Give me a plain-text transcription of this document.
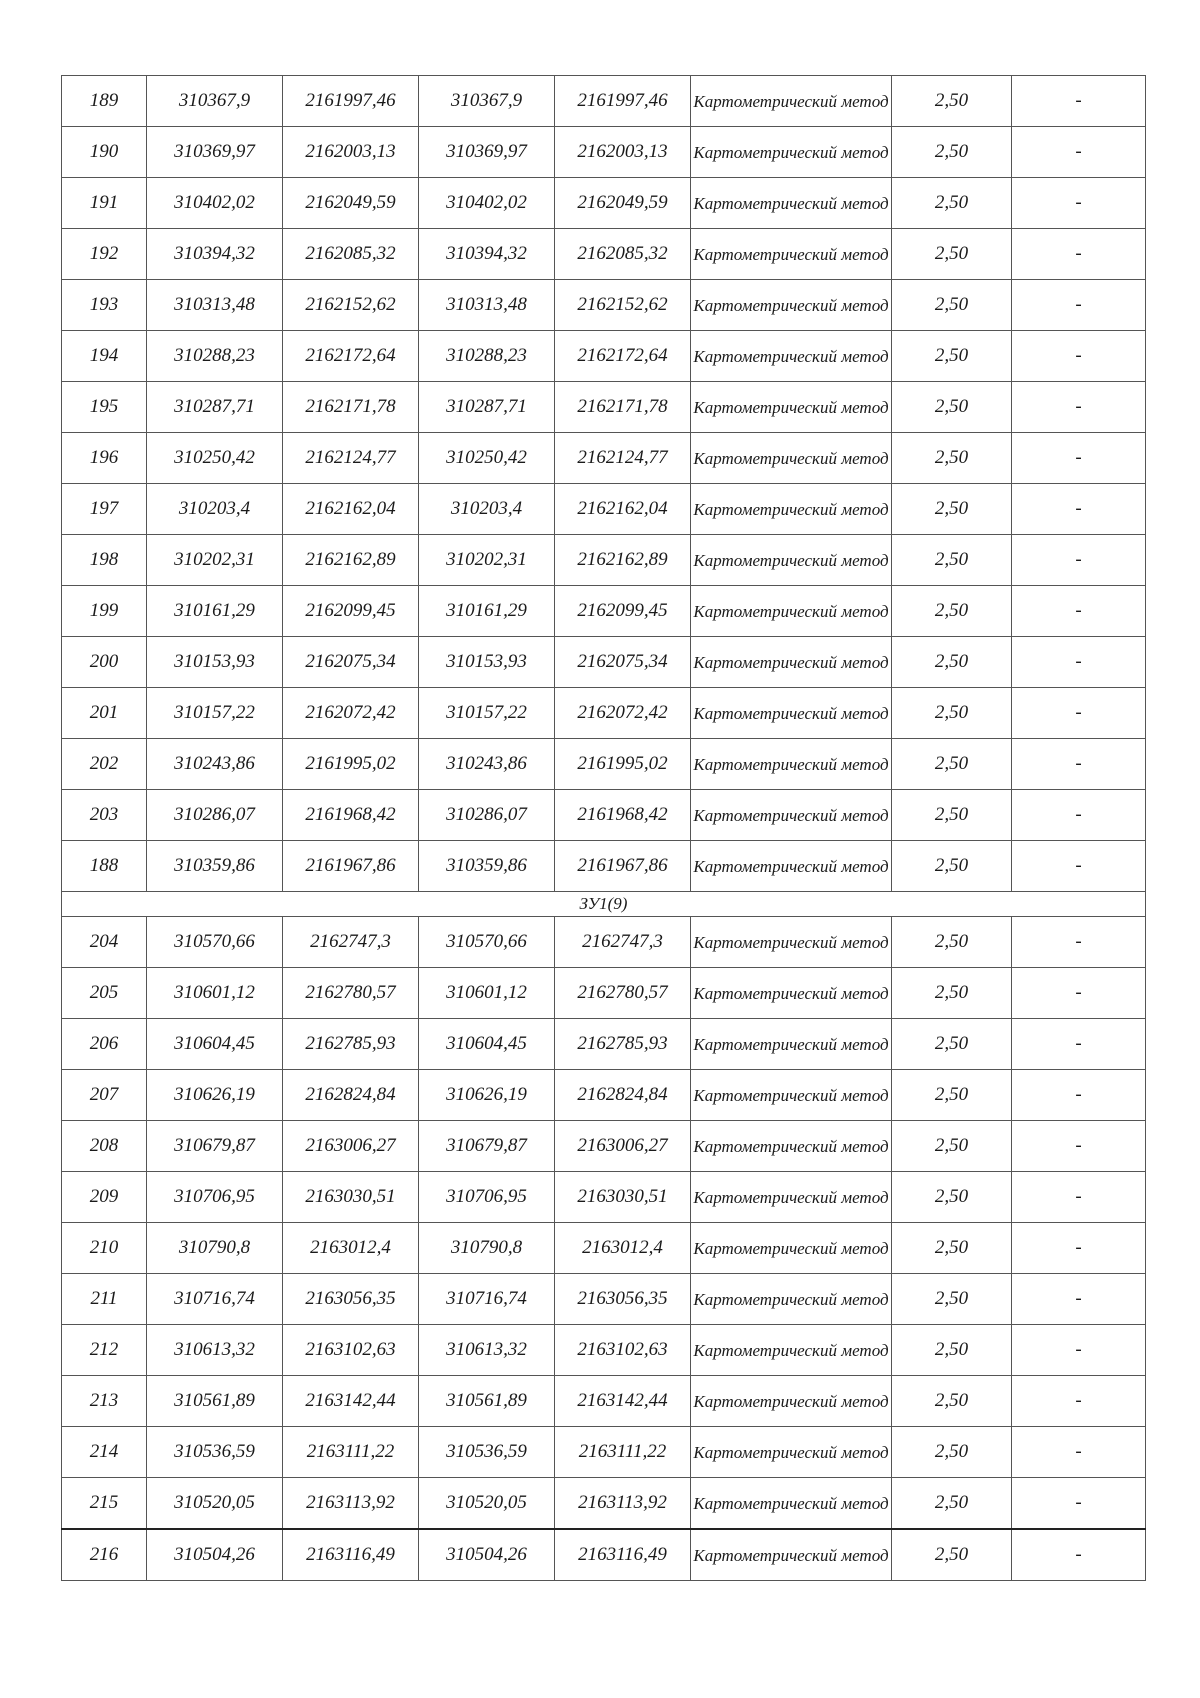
189	310367,9	2161997,46	310367,9	2161997,46	Картометрический метод	2,50	-
190	310369,97	2162003,13	310369,97	2162003,13	Картометрический метод	2,50	-
191	310402,02	2162049,59	310402,02	2162049,59	Картометрический метод	2,50	-
192	310394,32	2162085,32	310394,32	2162085,32	Картометрический метод	2,50	-
193	310313,48	2162152,62	310313,48	2162152,62	Картометрический метод	2,50	-
194	310288,23	2162172,64	310288,23	2162172,64	Картометрический метод	2,50	-
195	310287,71	2162171,78	310287,71	2162171,78	Картометрический метод	2,50	-
196	310250,42	2162124,77	310250,42	2162124,77	Картометрический метод	2,50	-
197	310203,4	2162162,04	310203,4	2162162,04	Картометрический метод	2,50	-
198	310202,31	2162162,89	310202,31	2162162,89	Картометрический метод	2,50	-
199	310161,29	2162099,45	310161,29	2162099,45	Картометрический метод	2,50	-
200	310153,93	2162075,34	310153,93	2162075,34	Картометрический метод	2,50	-
201	310157,22	2162072,42	310157,22	2162072,42	Картометрический метод	2,50	-
202	310243,86	2161995,02	310243,86	2161995,02	Картометрический метод	2,50	-
203	310286,07	2161968,42	310286,07	2161968,42	Картометрический метод	2,50	-
188	310359,86	2161967,86	310359,86	2161967,86	Картометрический метод	2,50	-
ЗУ1(9)							
204	310570,66	2162747,3	310570,66	2162747,3	Картометрический метод	2,50	-
205	310601,12	2162780,57	310601,12	2162780,57	Картометрический метод	2,50	-
206	310604,45	2162785,93	310604,45	2162785,93	Картометрический метод	2,50	-
207	310626,19	2162824,84	310626,19	2162824,84	Картометрический метод	2,50	-
208	310679,87	2163006,27	310679,87	2163006,27	Картометрический метод	2,50	-
209	310706,95	2163030,51	310706,95	2163030,51	Картометрический метод	2,50	-
210	310790,8	2163012,4	310790,8	2163012,4	Картометрический метод	2,50	-
211	310716,74	2163056,35	310716,74	2163056,35	Картометрический метод	2,50	-
212	310613,32	2163102,63	310613,32	2163102,63	Картометрический метод	2,50	-
213	310561,89	2163142,44	310561,89	2163142,44	Картометрический метод	2,50	-
214	310536,59	2163111,22	310536,59	2163111,22	Картометрический метод	2,50	-
215	310520,05	2163113,92	310520,05	2163113,92	Картометрический метод	2,50	-
216	310504,26	2163116,49	310504,26	2163116,49	Картометрический метод	2,50	-
